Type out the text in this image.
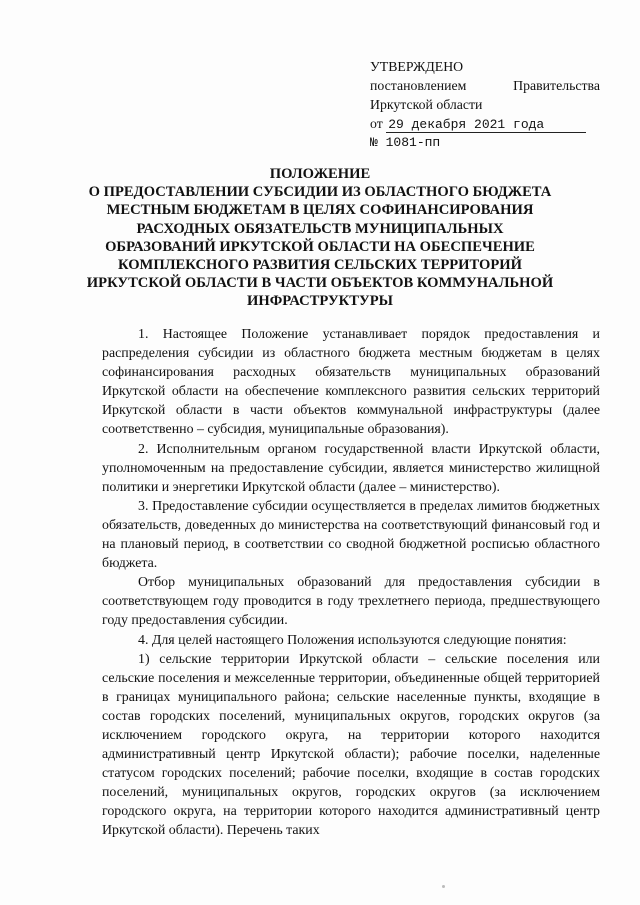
УТВЕРЖДЕНО
постановлением	Правительства
Иркутской области
от 29 декабря 2021 года
№ 1081-пп
ПОЛОЖЕНИЕ
О ПРЕДОСТАВЛЕНИИ СУБСИДИИ ИЗ ОБЛАСТНОГО БЮДЖЕТА
МЕСТНЫМ БЮДЖЕТАМ В ЦЕЛЯХ СОФИНАНСИРОВАНИЯ
РАСХОДНЫХ ОБЯЗАТЕЛЬСТВ МУНИЦИПАЛЬНЫХ
ОБРАЗОВАНИЙ ИРКУТСКОЙ ОБЛАСТИ НА ОБЕСПЕЧЕНИЕ
КОМПЛЕКСНОГО РАЗВИТИЯ СЕЛЬСКИХ ТЕРРИТОРИЙ
ИРКУТСКОЙ ОБЛАСТИ В ЧАСТИ ОБЪЕКТОВ КОММУНАЛЬНОЙ
ИНФРАСТРУКТУРЫ

1. Настоящее Положение устанавливает порядок предоставления и распределения субсидии из областного бюджета местным бюджетам в целях софинансирования расходных обязательств муниципальных образований Иркутской области на обеспечение комплексного развития сельских территорий Иркутской области в части объектов коммунальной инфраструктуры (далее соответственно – субсидия, муниципальные образования).

2. Исполнительным органом государственной власти Иркутской области, уполномоченным на предоставление субсидии, является министерство жилищной политики и энергетики Иркутской области (далее – министерство).

3. Предоставление субсидии осуществляется в пределах лимитов бюджетных обязательств, доведенных до министерства на соответствующий финансовый год и на плановый период, в соответствии со сводной бюджетной росписью областного бюджета.

Отбор муниципальных образований для предоставления субсидии в соответствующем году проводится в году трехлетнего периода, предшествующего году предоставления субсидии.

4. Для целей настоящего Положения используются следующие понятия:

1) сельские территории Иркутской области – сельские поселения или сельские поселения и межселенные территории, объединенные общей территорией в границах муниципального района; сельские населенные пункты, входящие в состав городских поселений, муниципальных округов, городских округов (за исключением городского округа, на территории которого находится административный центр Иркутской области); рабочие поселки, наделенные статусом городских поселений; рабочие поселки, входящие в состав городских поселений, муниципальных округов, городских округов (за исключением городского округа, на территории которого находится административный центр Иркутской области). Перечень таких
